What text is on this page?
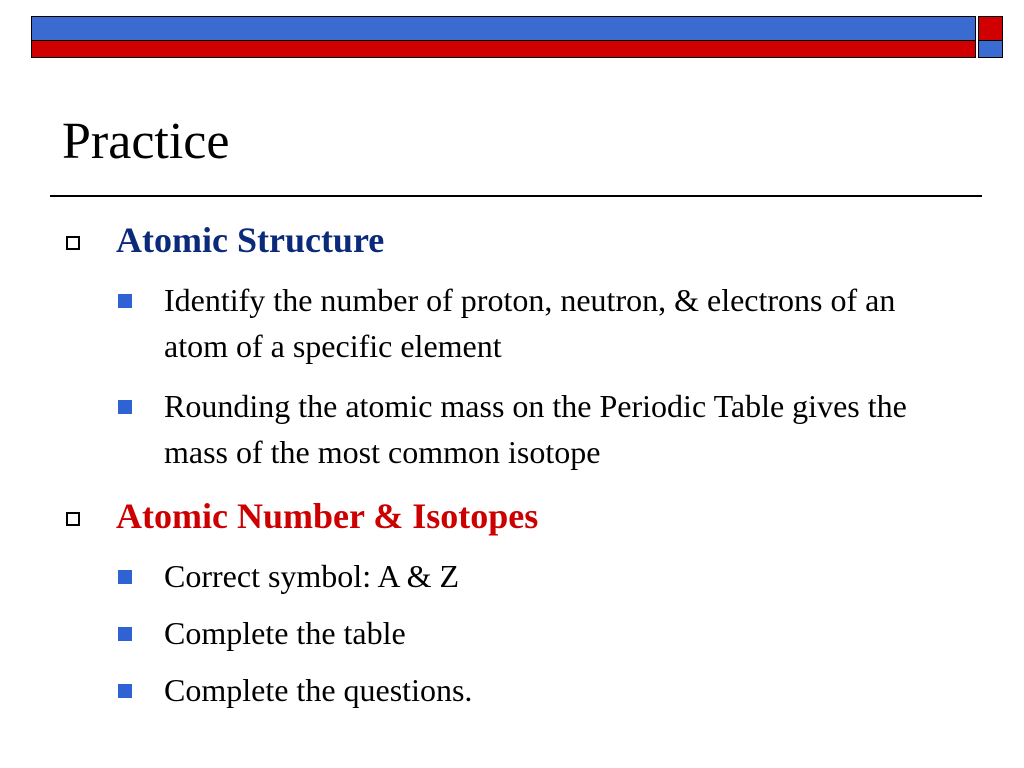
Practice
Atomic Structure
Identify the number of proton, neutron, & electrons of an atom of a specific element
Rounding the atomic mass on the Periodic Table gives the mass of the most common isotope
Atomic Number & Isotopes
Correct symbol: A & Z
Complete the table
Complete the questions.
